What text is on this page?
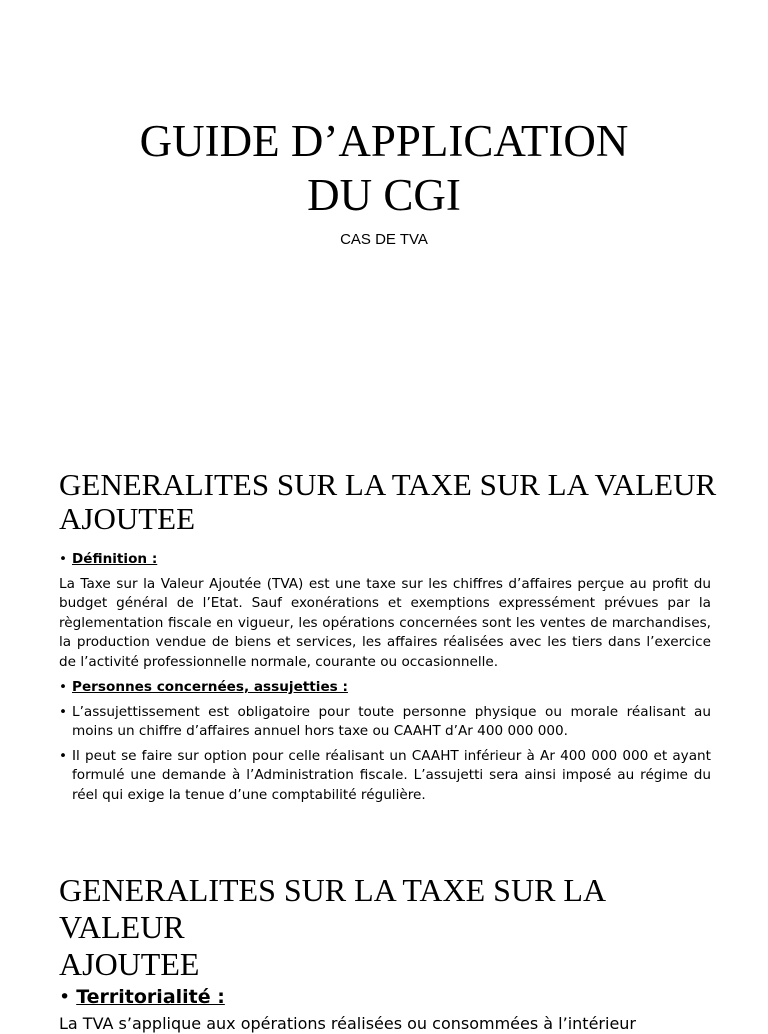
GUIDE D’APPLICATION
DU CGI

CAS DE TVA

GENERALITES SUR LA TAXE SUR LA VALEUR
AJOUTEE
• Définition :

La Taxe sur la Valeur Ajoutée (TVA) est une taxe sur les chiffres d’affaires perçue au profit du budget général de l’Etat. Sauf exonérations et exemptions expressément prévues par la règlementation fiscale en vigueur, les opérations concernées sont les ventes de marchandises, la production vendue de biens et services, les affaires réalisées avec les tiers dans l’exercice de l’activité professionnelle normale, courante ou occasionnelle.

• Personnes concernées, assujetties :
• L’assujettissement est obligatoire pour toute personne physique ou morale réalisant au moins un chiffre d’affaires annuel hors taxe ou CAAHT d’Ar 400 000 000.
• Il peut se faire sur option pour celle réalisant un CAAHT inférieur à Ar 400 000 000 et ayant formulé une demande à l’Administration fiscale. L’assujetti sera ainsi imposé au régime du réel qui exige la tenue d’une comptabilité régulière.
GENERALITES SUR LA TAXE SUR LA
VALEUR
AJOUTEE
• Territorialité :
La TVA s’applique aux opérations réalisées ou consommées à l’intérieur
